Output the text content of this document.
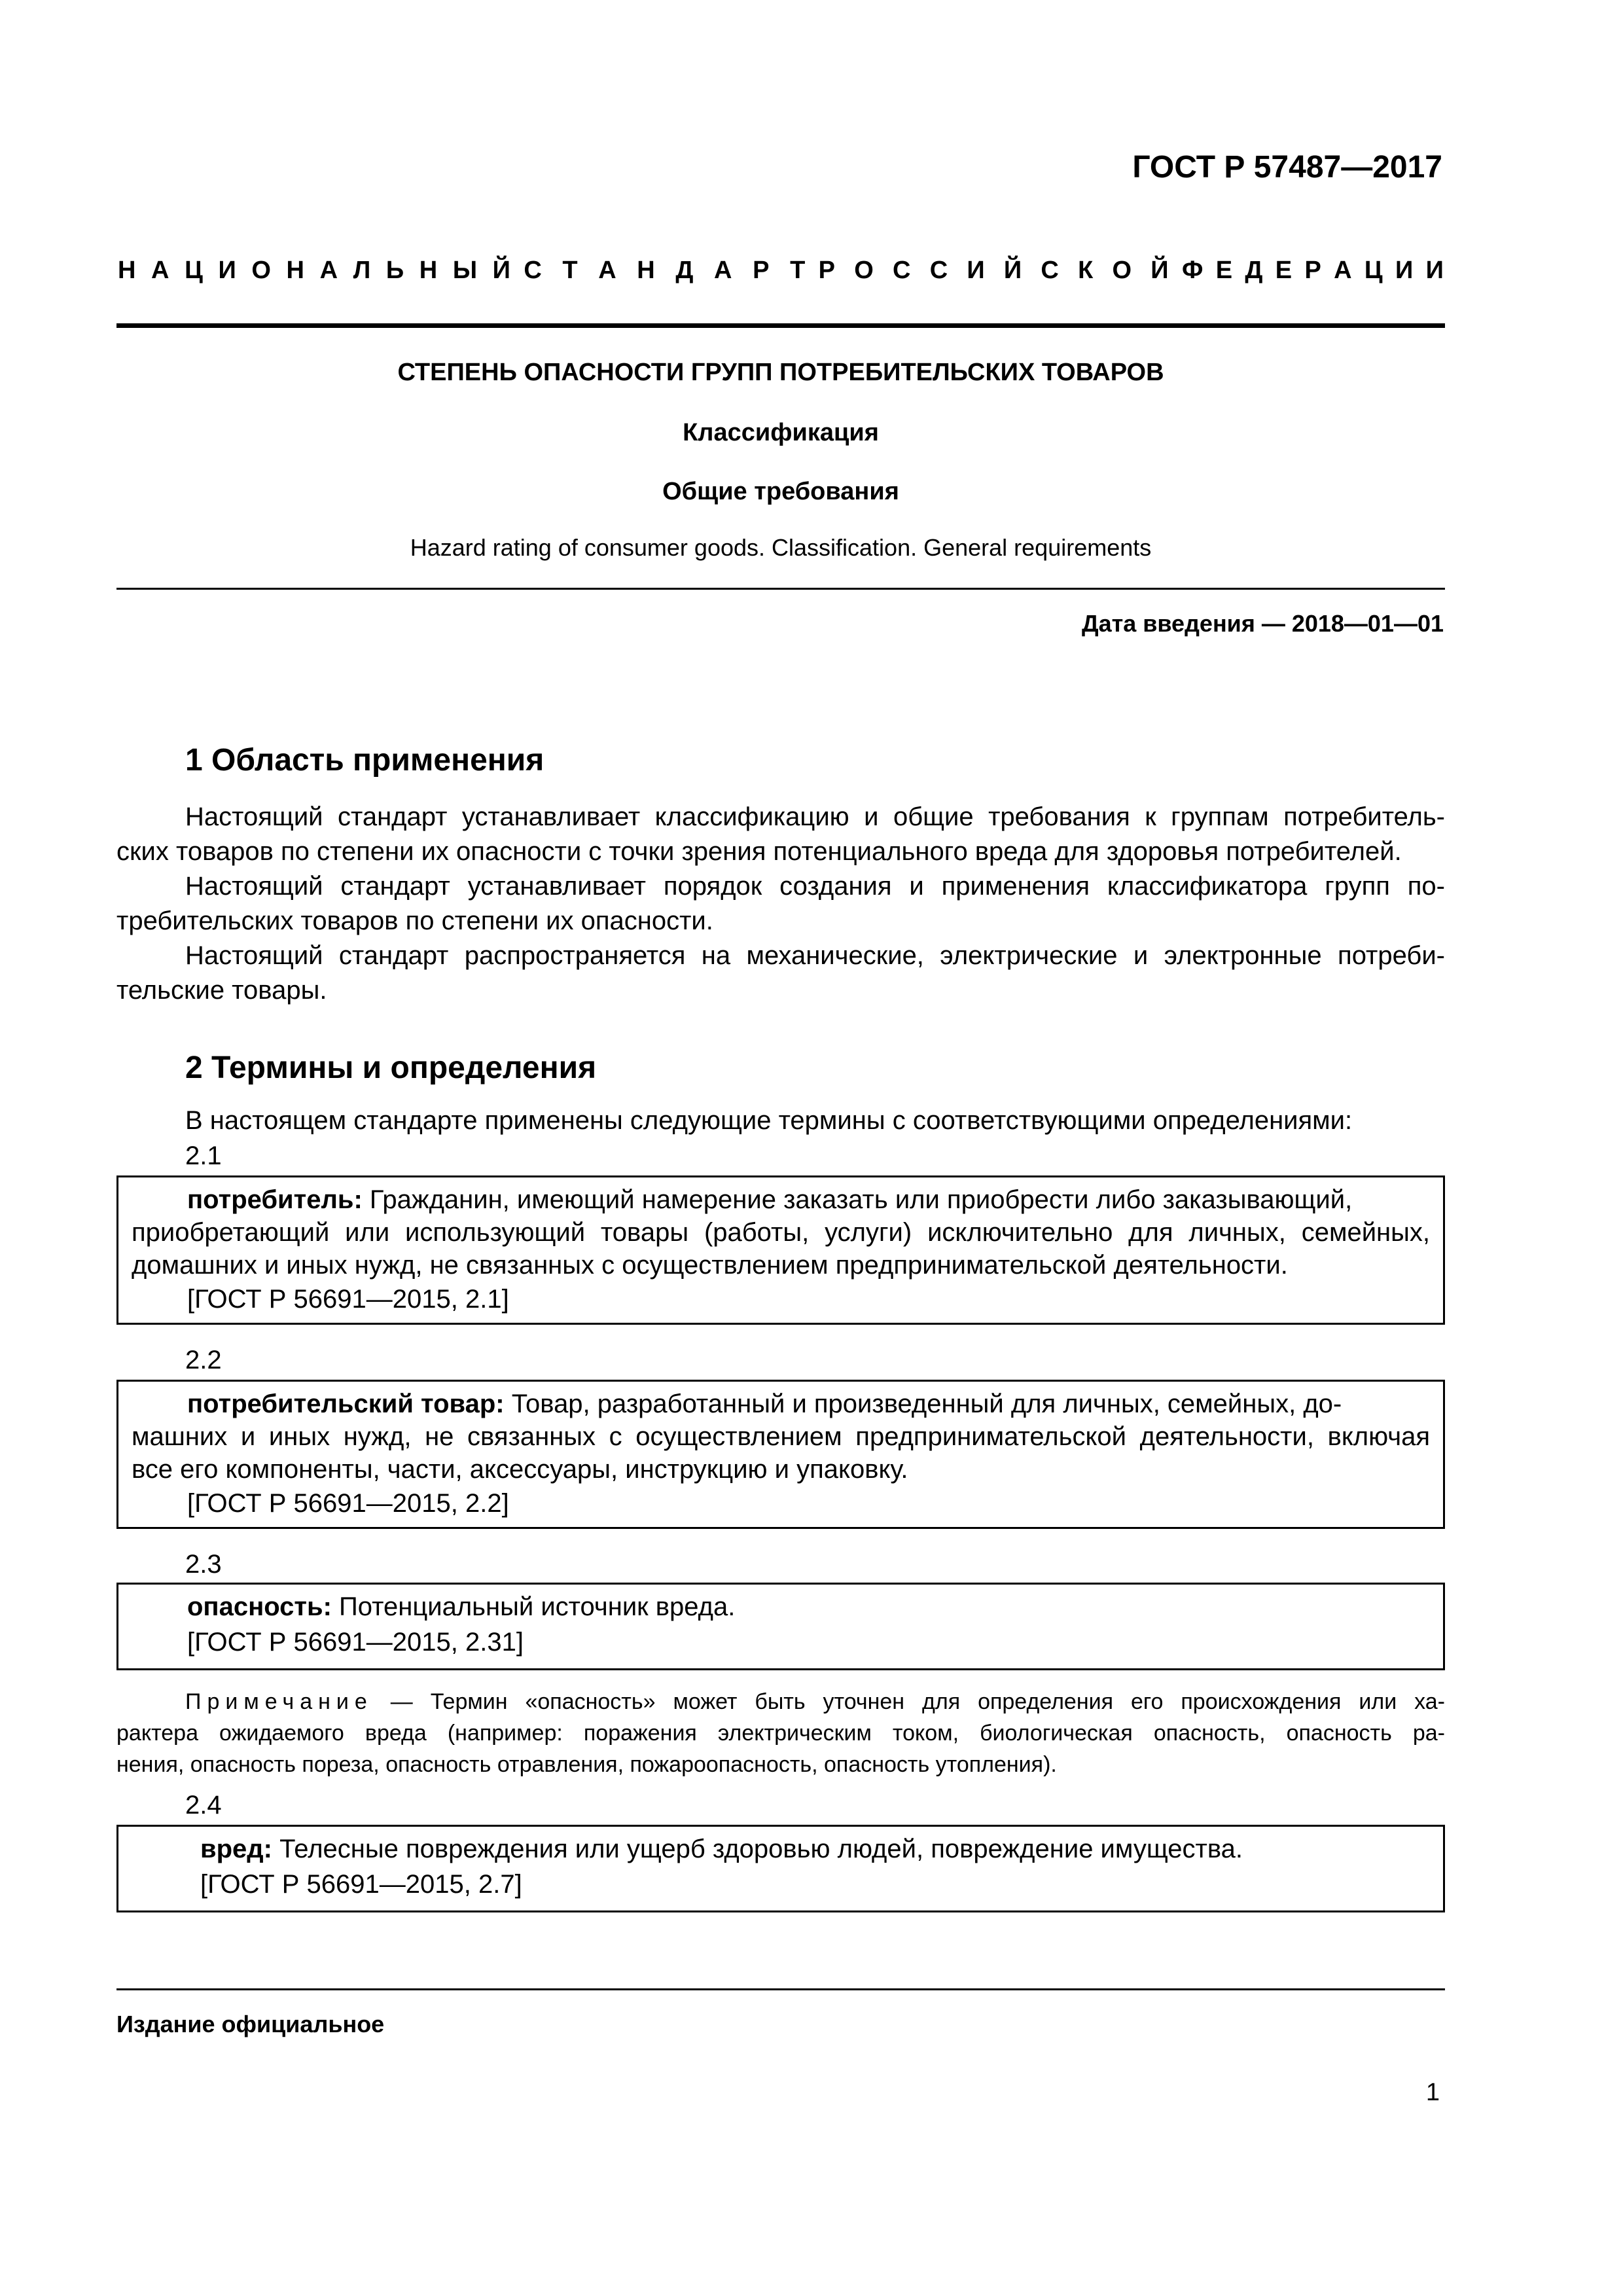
ГОСТ Р 57487—2017
Н А Ц И О Н А Л Ь Н Ы Й С Т А Н Д А Р Т Р О С С И Й С К О Й Ф Е Д Е Р А Ц И И
СТЕПЕНЬ ОПАСНОСТИ ГРУПП ПОТРЕБИТЕЛЬСКИХ ТОВАРОВ
Классификация
Общие требования
Hazard rating of consumer goods. Classification. General requirements
Дата введения — 2018—01—01
1 Область применения
Настоящий стандарт устанавливает классификацию и общие требования к группам потребитель-
ских товаров по степени их опасности с точки зрения потенциального вреда для здоровья потребителей.
Настоящий стандарт устанавливает порядок создания и применения классификатора групп по-
требительских товаров по степени их опасности.
Настоящий стандарт распространяется на механические, электрические и электронные потреби-
тельские товары.
2 Термины и определения
В настоящем стандарте применены следующие термины с соответствующими определениями:
2.1
потребитель: Гражданин, имеющий намерение заказать или приобрести либо заказывающий,
приобретающий или использующий товары (работы, услуги) исключительно для личных, семейных,
домашних и иных нужд, не связанных с осуществлением предпринимательской деятельности.
[ГОСТ Р 56691—2015, 2.1]
2.2
потребительский товар: Товар, разработанный и произведенный для личных, семейных, до-
машних и иных нужд, не связанных с осуществлением предпринимательской деятельности, включая
все его компоненты, части, аксессуары, инструкцию и упаковку.
[ГОСТ Р 56691—2015, 2.2]
2.3
опасность: Потенциальный источник вреда.
[ГОСТ Р 56691—2015, 2.31]
Примечание — Термин «опасность» может быть уточнен для определения его происхождения или ха-
рактера ожидаемого вреда (например: поражения электрическим током, биологическая опасность, опасность ра-
нения, опасность пореза, опасность отравления, пожароопасность, опасность утопления).
2.4
вред: Телесные повреждения или ущерб здоровью людей, повреждение имущества.
[ГОСТ Р 56691—2015, 2.7]
Издание официальное
1
